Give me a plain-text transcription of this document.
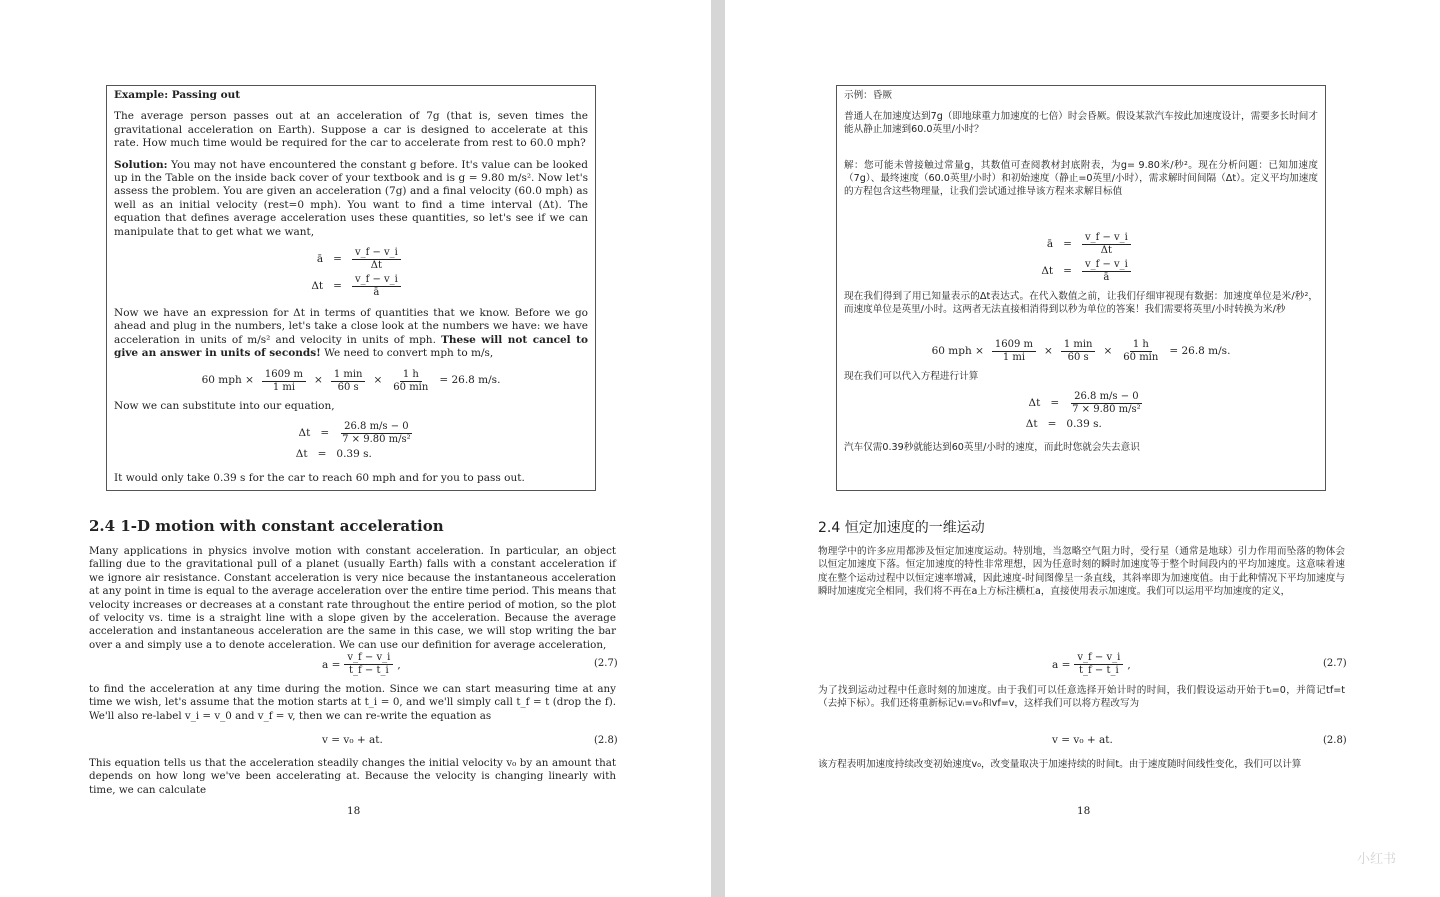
Example: Passing out

The average person passes out at an acceleration of 7g (that is, seven times the gravitational acceleration on Earth). Suppose a car is designed to accelerate at this rate. How much time would be required for the car to accelerate from rest to 60.0 mph?

Solution: You may not have encountered the constant g before. It's value can be looked up in the Table on the inside back cover of your textbook and is g = 9.80 m/s². Now let's assess the problem. You are given an acceleration (7g) and a final velocity (60.0 mph) as well as an initial velocity (rest=0 mph). You want to find a time interval (Δt). The equation that defines average acceleration uses these quantities, so let's see if we can manipulate that to get what we want,

ā = $\frac{v\_f - v\_i}{\Delta t}$
$\Delta t = \frac{v\_f - v\_i}{ā}$

Now we have an expression for Δt in terms of quantities that we know. Before we go ahead and plug in the numbers, let's take a close look at the numbers we have: we have acceleration in units of m/s² and velocity in units of mph. These will not cancel to give an answer in units of seconds! We need to convert mph to m/s,

60 mph × $\frac{1609 m}{1 mi} \times \frac{1 \min}{60 s} \times \frac{1 h}{60 \min} = 26.8$ m/s.

Now we can substitute into our equation,

$\Delta t = \frac{26.8 m/s - 0}{\text{7 × 9.80 m/s²}}$
Δt = 0.39 s.

It would only take 0.39 s for the car to reach 60 mph and for you to pass out.

2.4 1-D motion with constant acceleration
Many applications in physics involve motion with constant acceleration. In particular, an object falling due to the gravitational pull of a planet (usually Earth) falls with a constant acceleration if we ignore air resistance. Constant acceleration is very nice because the instantaneous acceleration at any point in time is equal to the average acceleration over the entire time period. This means that velocity increases or decreases at a constant rate throughout the entire period of motion, so the plot of velocity vs. time is a straight line with a slope given by the acceleration. Because the average acceleration and instantaneous acceleration are the same in this case, we will stop writing the bar over a and simply use a to denote acceleration. We can use our definition for average acceleration,
$a = \frac{v\_f - v\_i}{t\_f - t\_i}$ ,	(2.7)
to find the acceleration at any time during the motion. Since we can start measuring time at any time we wish, let's assume that the motion starts at t_i = 0, and we'll simply call t_f = t (drop the f). We'll also re-label v_i = v_0 and v_f = v, then we can re-write the equation as
v = v₀ + at.	(2.8)
This equation tells us that the acceleration steadily changes the initial velocity v₀ by an amount that depends on how long we've been accelerating at. Because the velocity is changing linearly with time, we can calculate
18

示例：昏厥

普通人在加速度达到7g（即地球重力加速度的七倍）时会昏厥。假设某款汽车按此加速度设计，需要多长时间才能从静止加速到60.0英里/小时？

解：您可能未曾接触过常量g，其数值可查阅教材封底附表，为g= 9.80米/秒²。现在分析问题：已知加速度（7g）、最终速度（60.0英里/小时）和初始速度（静止=0英里/小时），需求解时间间隔（Δt）。定义平均加速度的方程包含这些物理量，让我们尝试通过推导该方程来求解目标值

ā = $\frac{v\_f - v\_i}{\Delta t}$
$\Delta t = \frac{v\_f - v\_i}{ā}$

现在我们得到了用已知量表示的Δt表达式。在代入数值之前，让我们仔细审视现有数据：加速度单位是米/秒²，而速度单位是英里/小时。这两者无法直接相消得到以秒为单位的答案！我们需要将英里/小时转换为米/秒

60 mph × $\frac{1609 m}{1 mi} \times \frac{1 \min}{60 s} \times \frac{1 h}{60 \min} = 26.8$ m/s.

现在我们可以代入方程进行计算

$\Delta t = \frac{26.8 m/s - 0}{\text{7 × 9.80 m/s²}}$
Δt = 0.39 s.

汽车仅需0.39秒就能达到60英里/小时的速度，而此时您就会失去意识

2.4 恒定加速度的一维运动
物理学中的许多应用都涉及恒定加速度运动。特别地，当忽略空气阻力时，受行星（通常是地球）引力作用而坠落的物体会以恒定加速度下落。恒定加速度的特性非常理想，因为任意时刻的瞬时加速度等于整个时间段内的平均加速度。这意味着速度在整个运动过程中以恒定速率增减，因此速度-时间图像呈一条直线，其斜率即为加速度值。由于此种情况下平均加速度与瞬时加速度完全相同，我们将不再在a上方标注横杠a，直接使用表示加速度。我们可以运用平均加速度的定义，
$a = \frac{v\_f - v\_i}{t\_f - t\_i}$ ,	(2.7)
为了找到运动过程中任意时刻的加速度。由于我们可以任意选择开始计时的时间，我们假设运动开始于tᵢ=0，并简记tf=t（去掉下标）。我们还将重新标记vᵢ=v₀和vf=v，这样我们可以将方程改写为
v = v₀ + at.	(2.8)
该方程表明加速度持续改变初始速度v₀，改变量取决于加速持续的时间t。由于速度随时间线性变化，我们可以计算
18
小红书
